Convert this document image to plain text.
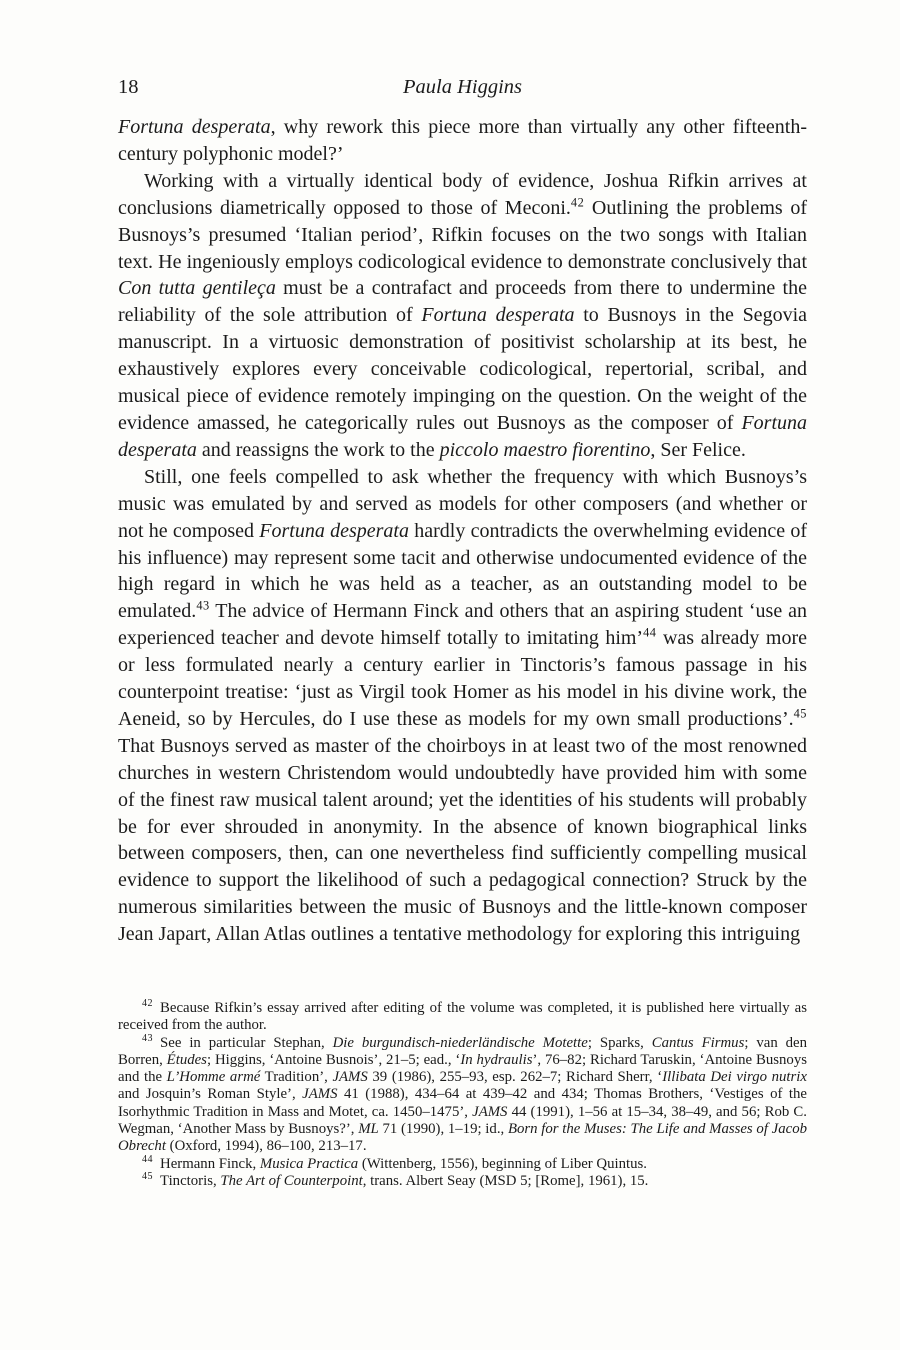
18	Paula Higgins

Fortuna desperata, why rework this piece more than virtually any other fifteenth-century polyphonic model?’

Working with a virtually identical body of evidence, Joshua Rifkin arrives at conclusions diametrically opposed to those of Meconi.$^{42}$ Outlining the problems of Busnoys’s presumed ‘Italian period’, Rifkin focuses on the two songs with Italian text. He ingeniously employs codicological evidence to demonstrate conclusively that Con tutta gentileça must be a contrafact and proceeds from there to undermine the reliability of the sole attribution of Fortuna desperata to Busnoys in the Segovia manuscript. In a virtuosic demonstration of positivist scholarship at its best, he exhaustively explores every conceivable codicological, repertorial, scribal, and musical piece of evidence remotely impinging on the question. On the weight of the evidence amassed, he categorically rules out Busnoys as the composer of Fortuna desperata and reassigns the work to the piccolo maestro fiorentino, Ser Felice.

Still, one feels compelled to ask whether the frequency with which Busnoys’s music was emulated by and served as models for other composers (and whether or not he composed Fortuna desperata hardly contradicts the overwhelming evidence of his influence) may represent some tacit and otherwise undocumented evidence of the high regard in which he was held as a teacher, as an outstanding model to be emulated.$^{43}$ The advice of Hermann Finck and others that an aspiring student ‘use an experienced teacher and devote himself totally to imitating him’$^{44}$ was already more or less formulated nearly a century earlier in Tinctoris’s famous passage in his counterpoint treatise: ‘just as Virgil took Homer as his model in his divine work, the Aeneid, so by Hercules, do I use these as models for my own small productions’.$^{45}$ That Busnoys served as master of the choirboys in at least two of the most renowned churches in western Christendom would undoubtedly have provided him with some of the finest raw musical talent around; yet the identities of his students will probably be for ever shrouded in anonymity. In the absence of known biographical links between composers, then, can one nevertheless find sufficiently compelling musical evidence to support the likelihood of such a pedagogical connection? Struck by the numerous similarities between the music of Busnoys and the little-known composer Jean Japart, Allan Atlas outlines a tentative methodology for exploring this intriguing

$^{42}$ Because Rifkin’s essay arrived after editing of the volume was completed, it is published here virtually as received from the author.

$^{43}$ See in particular Stephan, Die burgundisch-niederländische Motette; Sparks, Cantus Firmus; van den Borren, Études; Higgins, ‘Antoine Busnois’, 21–5; ead., ‘In hydraulis’, 76–82; Richard Taruskin, ‘Antoine Busnoys and the L’Homme armé Tradition’, JAMS 39 (1986), 255–93, esp. 262–7; Richard Sherr, ‘Illibata Dei virgo nutrix and Josquin’s Roman Style’, JAMS 41 (1988), 434–64 at 439–42 and 434; Thomas Brothers, ‘Vestiges of the Isorhythmic Tradition in Mass and Motet, ca. 1450–1475’, JAMS 44 (1991), 1–56 at 15–34, 38–49, and 56; Rob C. Wegman, ‘Another Mass by Busnoys?’, ML 71 (1990), 1–19; id., Born for the Muses: The Life and Masses of Jacob Obrecht (Oxford, 1994), 86–100, 213–17.

$^{44}$ Hermann Finck, Musica Practica (Wittenberg, 1556), beginning of Liber Quintus.

$^{45}$ Tinctoris, The Art of Counterpoint, trans. Albert Seay (MSD 5; [Rome], 1961), 15.
